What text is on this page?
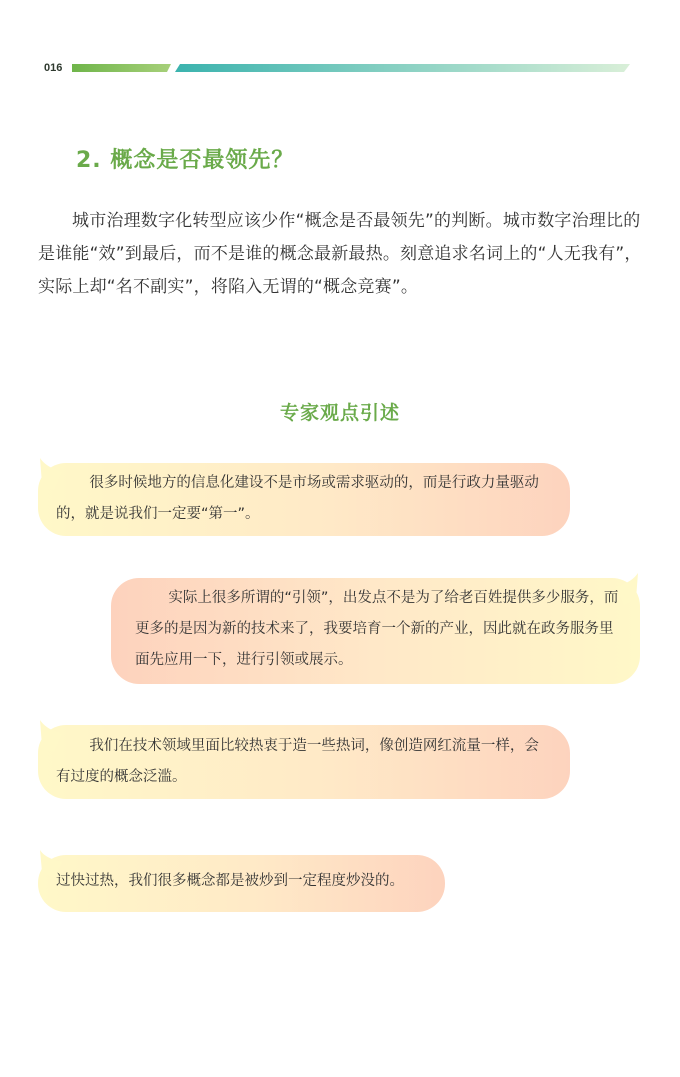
016
2. 概念是否最领先？

城市治理数字化转型应该少作“概念是否最领先”的判断。城市数字治理比的是谁能“效”到最后，而不是谁的概念最新最热。刻意追求名词上的“人无我有”，实际上却“名不副实”，将陷入无谓的“概念竞赛”。

专家观点引述

很多时候地方的信息化建设不是市场或需求驱动的，而是行政力量驱动的，就是说我们一定要“第一”。

实际上很多所谓的“引领”，出发点不是为了给老百姓提供多少服务，而更多的是因为新的技术来了，我要培育一个新的产业，因此就在政务服务里面先应用一下，进行引领或展示。

我们在技术领域里面比较热衷于造一些热词，像创造网红流量一样，会有过度的概念泛滥。

过快过热，我们很多概念都是被炒到一定程度炒没的。
